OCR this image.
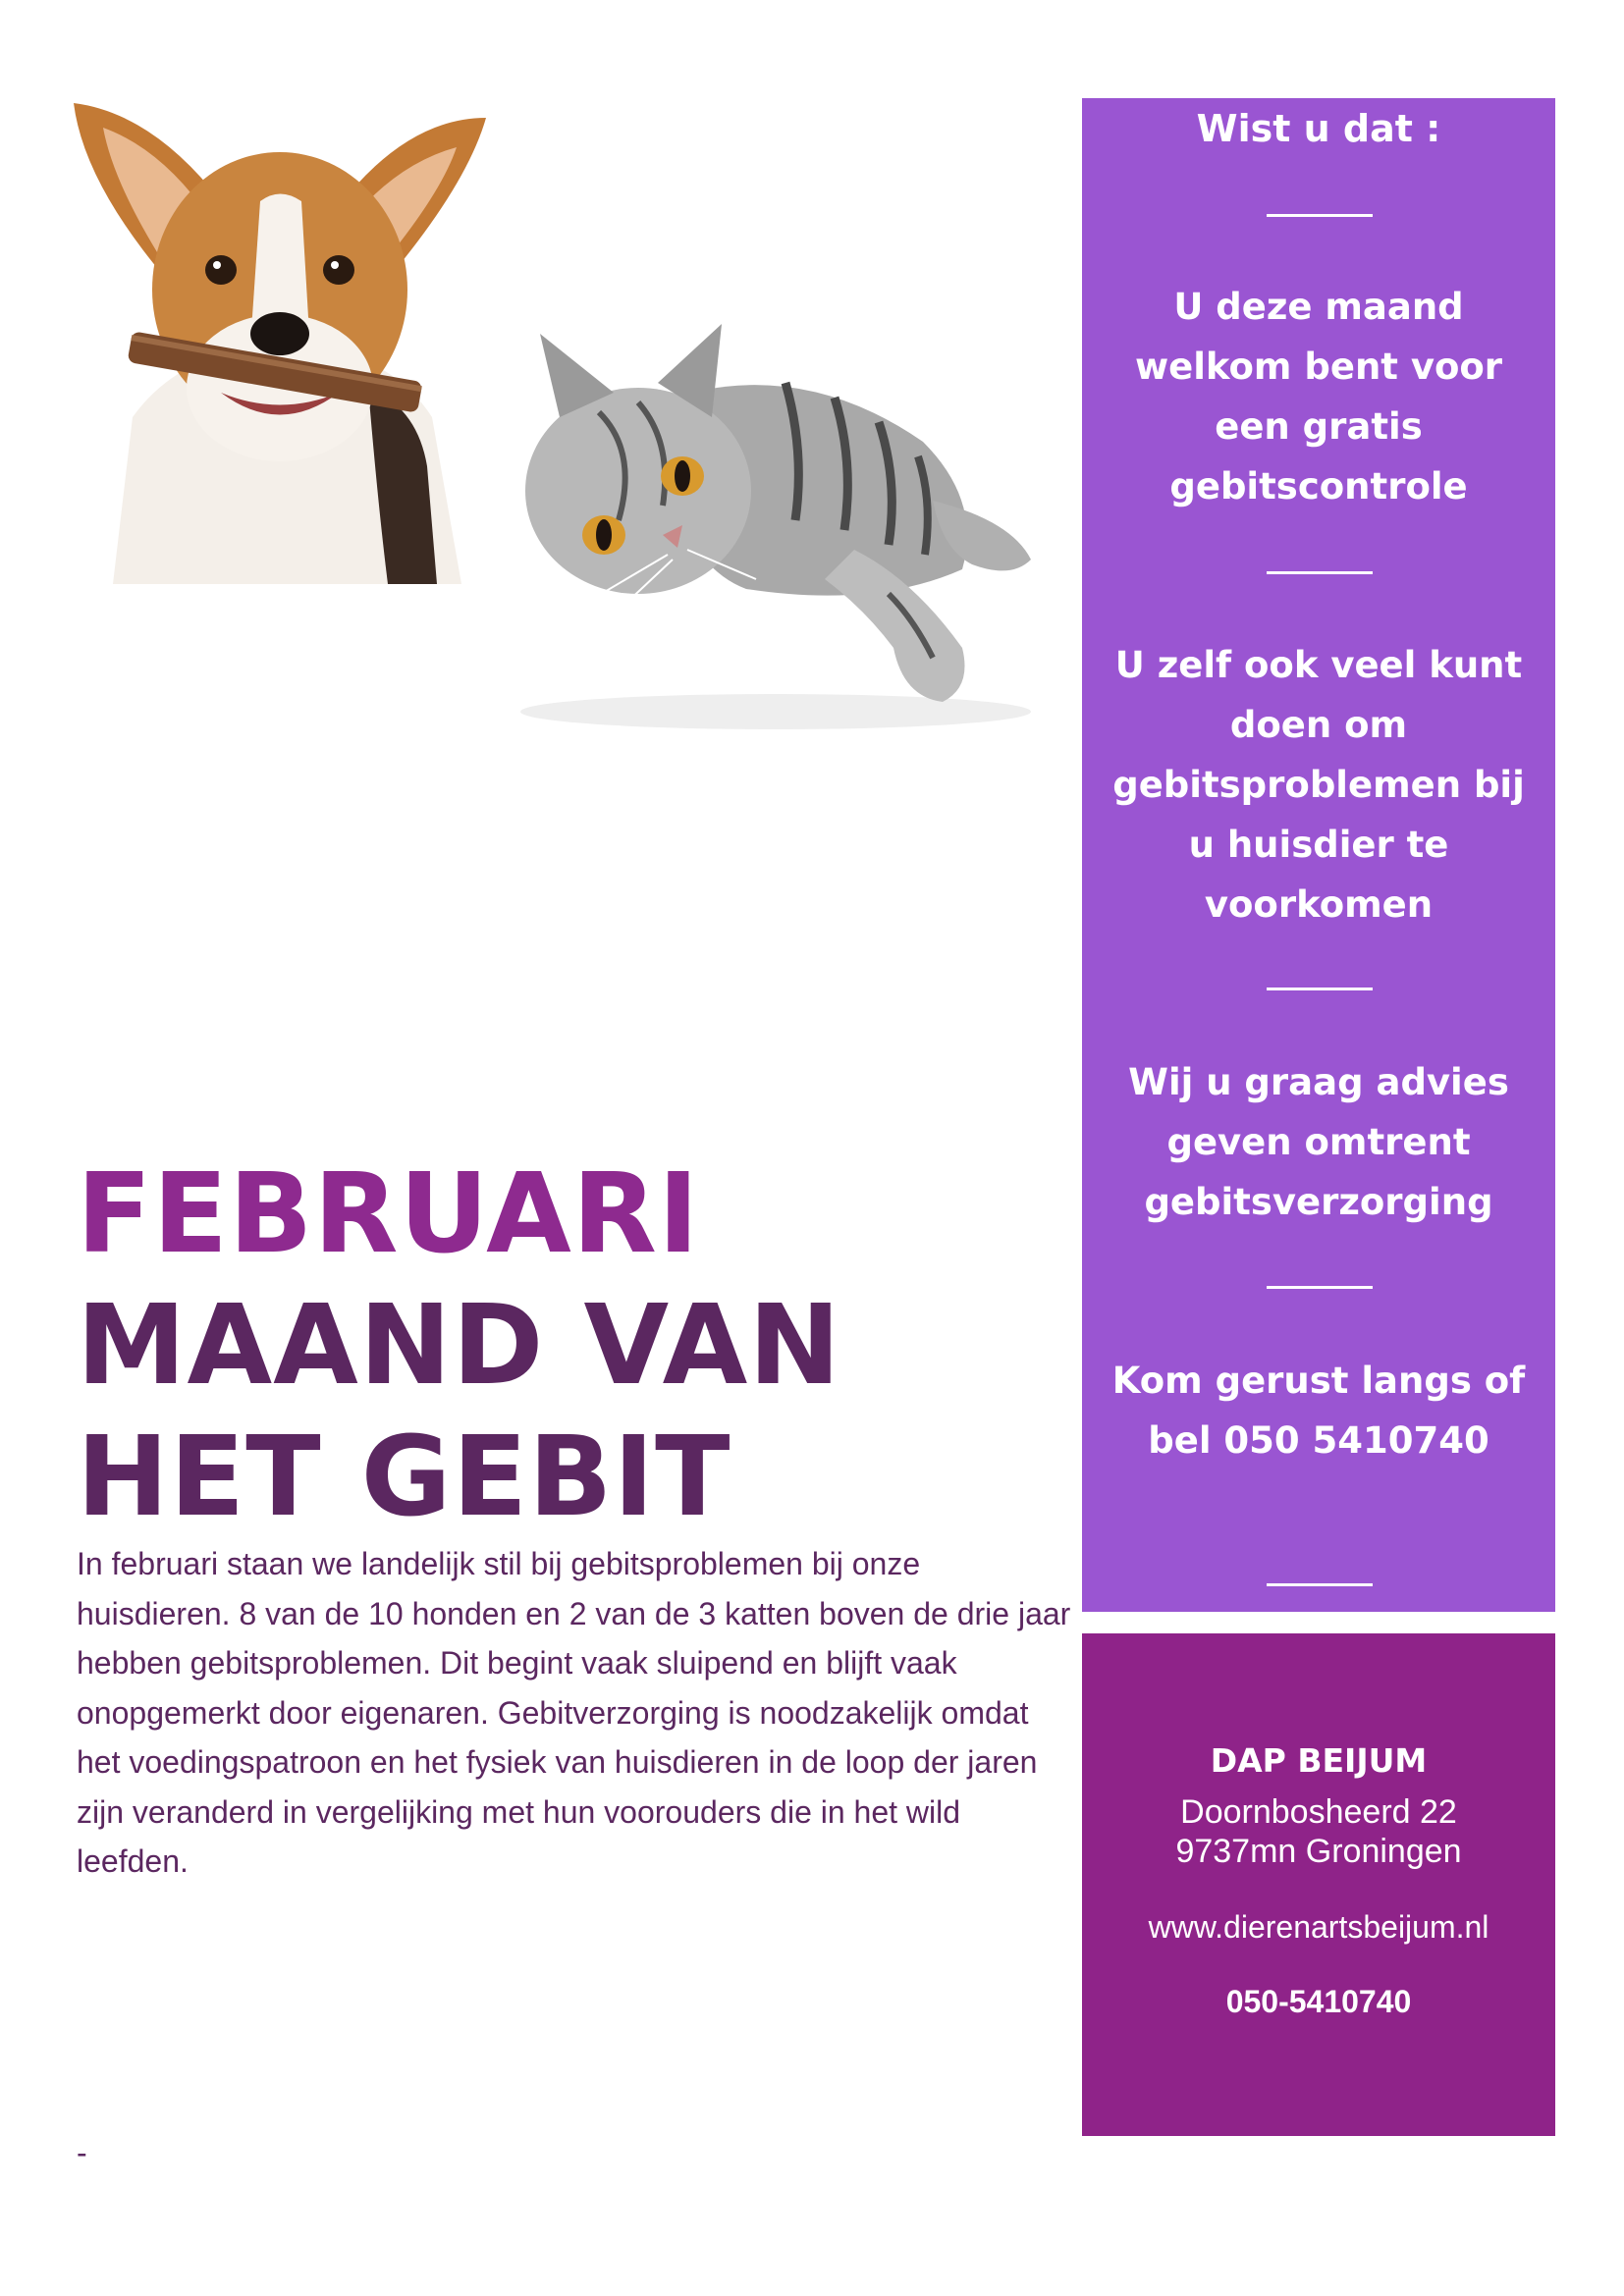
FEBRUARI
MAAND VAN
HET GEBIT

In februari staan we landelijk stil bij gebitsproblemen bij onze huisdieren. 8 van de 10 honden en 2 van de 3 katten boven de drie jaar hebben gebitsproblemen. Dit begint vaak sluipend en blijft vaak onopgemerkt door eigenaren. Gebitverzorging is noodzakelijk omdat het voedingspatroon en het fysiek van huisdieren in de loop der jaren zijn veranderd in vergelijking met hun voorouders die in het wild leefden.

-
Wist u dat :
U deze maand welkom bent voor een gratis gebitscontrole
U zelf ook veel kunt doen om gebitsproblemen bij u huisdier te voorkomen
Wij u graag advies geven omtrent gebitsverzorging
Kom gerust langs of bel 050 5410740
DAP BEIJUM
Doornbosheerd 22
9737mn Groningen
www.dierenartsbeijum.nl
050-5410740
